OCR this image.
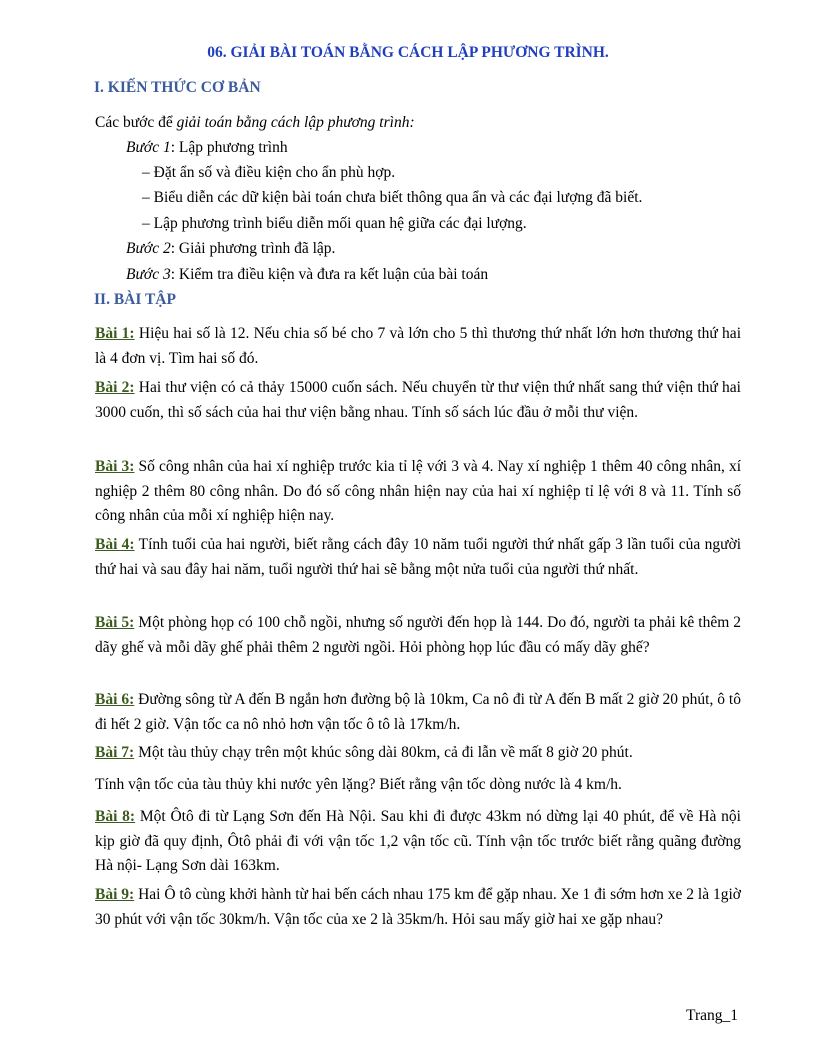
06. GIẢI BÀI TOÁN BẰNG CÁCH LẬP PHƯƠNG TRÌNH.
I. KIẾN THỨC CƠ BẢN
Các bước để giải toán bằng cách lập phương trình:
Bước 1: Lập phương trình
– Đặt ẩn số và điều kiện cho ẩn phù hợp.
– Biểu diễn các dữ kiện bài toán chưa biết thông qua ẩn và các đại lượng đã biết.
– Lập phương trình biểu diễn mối quan hệ giữa các đại lượng.
Bước 2: Giải phương trình đã lập.
Bước 3: Kiểm tra điều kiện và đưa ra kết luận của bài toán
II. BÀI TẬP
Bài 1: Hiệu hai số là 12. Nếu chia số bé cho 7 và lớn cho 5 thì thương thứ nhất lớn hơn thương thứ hai là 4 đơn vị. Tìm hai số đó.
Bài 2: Hai thư viện có cả thảy 15000 cuốn sách. Nếu chuyển từ thư viện thứ nhất sang thứ viện thứ hai 3000 cuốn, thì số sách của hai thư viện bằng nhau. Tính số sách lúc đầu ở mỗi thư viện.
Bài 3: Số công nhân của hai xí nghiệp trước kia tỉ lệ với 3 và 4. Nay xí nghiệp 1 thêm 40 công nhân, xí nghiệp 2 thêm 80 công nhân. Do đó số công nhân hiện nay của hai xí nghiệp tỉ lệ với 8 và 11. Tính số công nhân của mỗi xí nghiệp hiện nay.
Bài 4: Tính tuổi của hai người, biết rằng cách đây 10 năm tuổi người thứ nhất gấp 3 lần tuổi của người thứ hai và sau đây hai năm, tuổi người thứ hai sẽ bằng một nửa tuổi của người thứ nhất.
Bài 5: Một phòng họp có 100 chỗ ngồi, nhưng số người đến họp là 144. Do đó, người ta phải kê thêm 2 dãy ghế và mỗi dãy ghế phải thêm 2 người ngồi. Hỏi phòng họp lúc đầu có mấy dãy ghế?
Bài 6: Đường sông từ A đến B ngắn hơn đường bộ là 10km, Ca nô đi từ A đến B mất 2 giờ 20 phút, ô tô đi hết 2 giờ. Vận tốc ca nô nhỏ hơn vận tốc ô tô là 17km/h.
Bài 7: Một tàu thủy chạy trên một khúc sông dài 80km, cả đi lẫn về mất 8 giờ 20 phút.
Tính vận tốc của tàu thủy khi nước yên lặng? Biết rằng vận tốc dòng nước là 4 km/h.
Bài 8: Một Ôtô đi từ Lạng Sơn đến Hà Nội. Sau khi đi được 43km nó dừng lại 40 phút, để về Hà nội kịp giờ đã quy định, Ôtô phải đi với vận tốc 1,2 vận tốc cũ. Tính vận tốc trước biết rằng quãng đường Hà nội- Lạng Sơn dài 163km.
Bài 9: Hai Ô tô cùng khởi hành từ hai bến cách nhau 175 km để gặp nhau. Xe 1 đi sớm hơn xe 2 là 1giờ 30 phút với vận tốc 30km/h. Vận tốc của xe 2 là 35km/h. Hỏi sau mấy giờ hai xe gặp nhau?
Trang_1
